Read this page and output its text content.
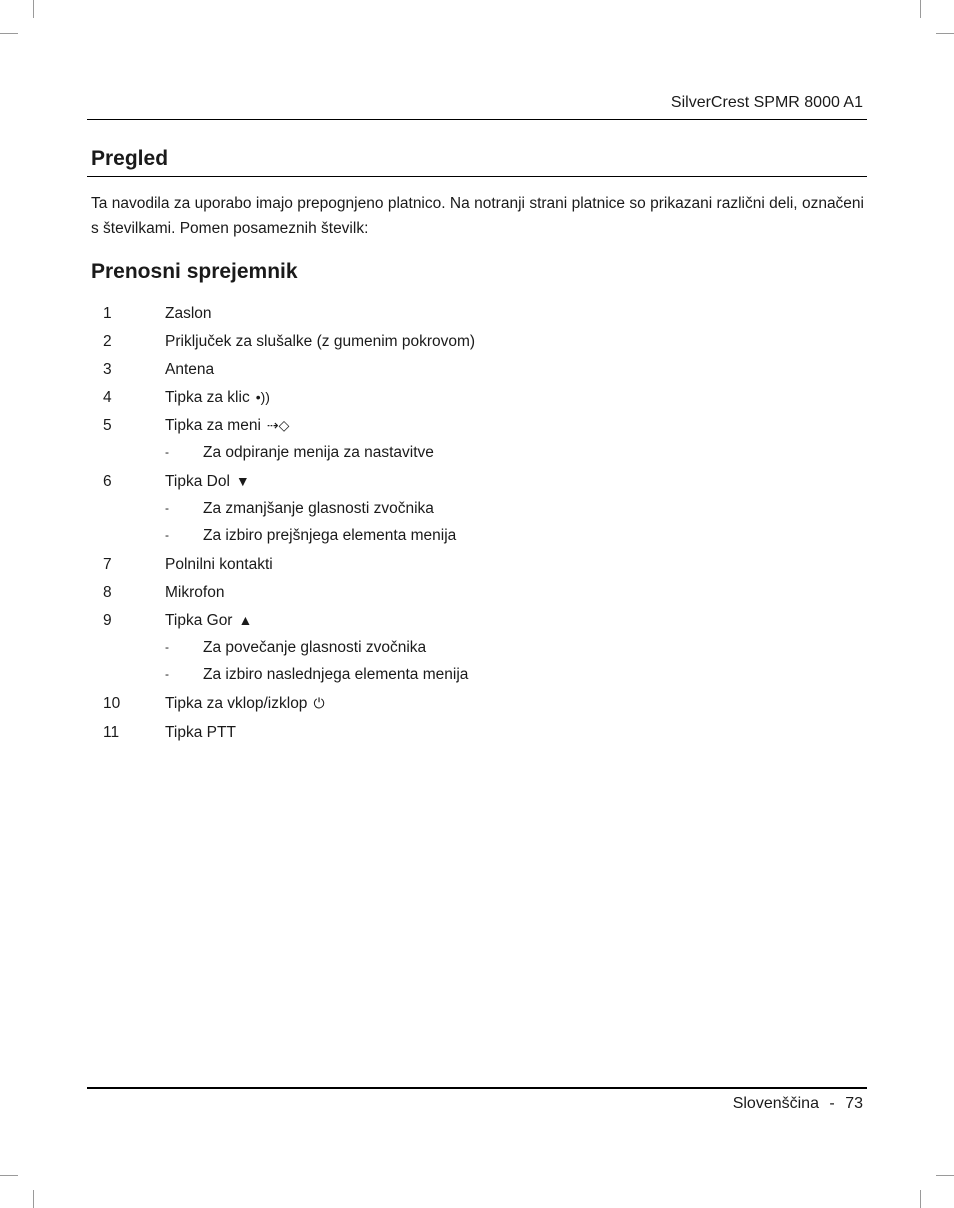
SilverCrest SPMR 8000 A1
Pregled

Ta navodila za uporabo imajo prepognjeno platnico. Na notranji strani platnice so prikazani različni deli, označeni s številkami. Pomen posameznih številk:

Prenosni sprejemnik
1	Zaslon
2	Priključek za slušalke (z gumenim pokrovom)
3	Antena
4	Tipka za klic •))
5	Tipka za meni ⇢◇
- Za odpiranje menija za nastavitve
6	Tipka Dol ▼
- Za zmanjšanje glasnosti zvočnika
- Za izbiro prejšnjega elementa menija
7	Polnilni kontakti
8	Mikrofon
9	Tipka Gor ▲
- Za povečanje glasnosti zvočnika
- Za izbiro naslednjega elementa menija
10	Tipka za vklop/izklop ⏻
11	Tipka PTT
Slovenščina - 73
